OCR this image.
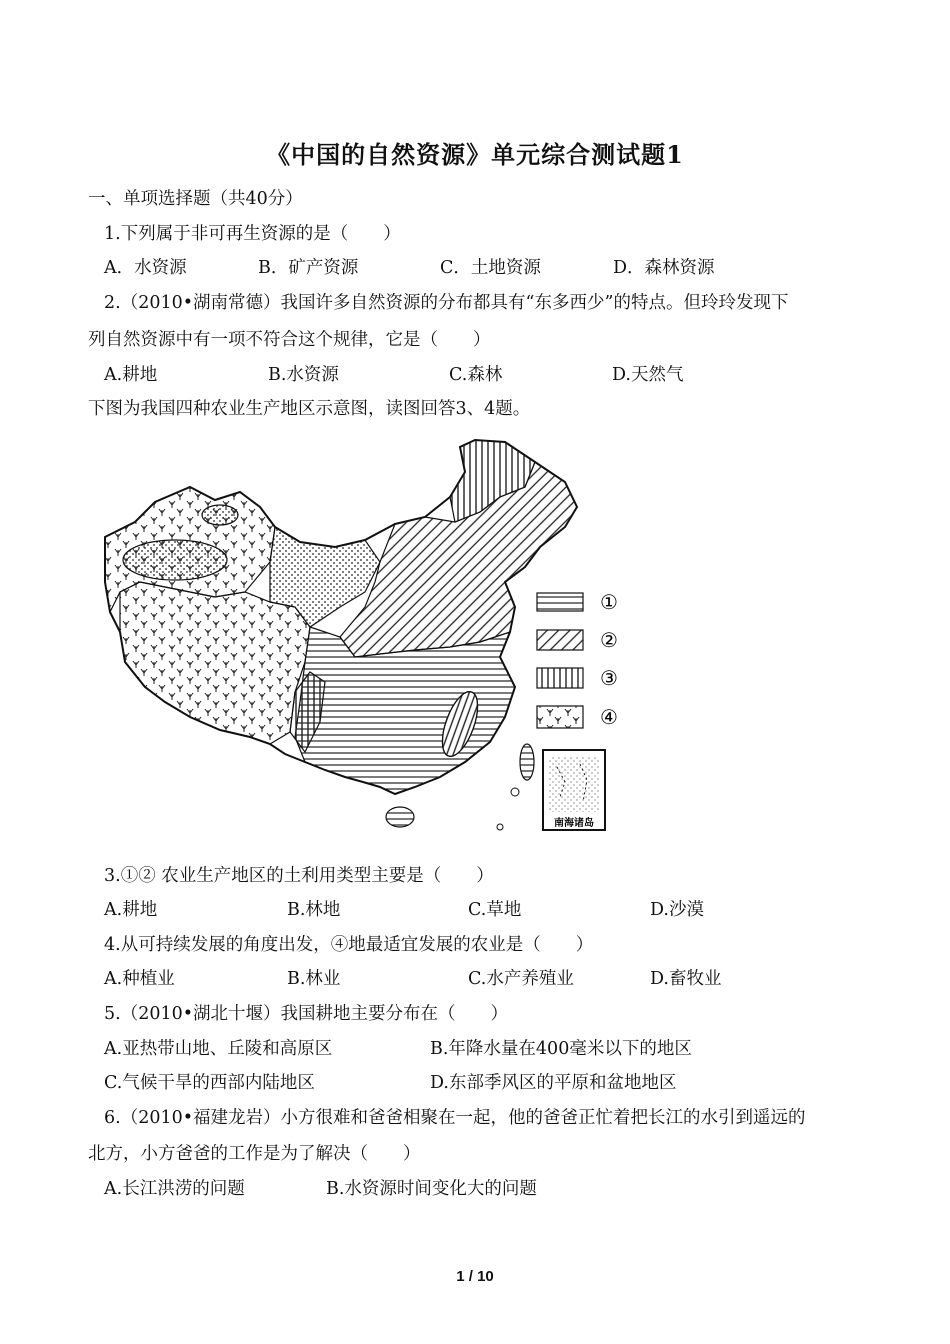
《中国的自然资源》单元综合测试题1
一、单项选择题（共40分）
1.下列属于非可再生资源的是（　　）
A．水资源	B．矿产资源	C．土地资源	D．森林资源
2.（2010•湖南常德）我国许多自然资源的分布都具有“东多西少”的特点。但玲玲发现下
列自然资源中有一项不符合这个规律，它是（　　）
A.耕地	B.水资源	C.森林	D.天然气
下图为我国四种农业生产地区示意图，读图回答3、4题。
①
②
③
④
南海诸岛
3.①② 农业生产地区的土利用类型主要是（　　）
A.耕地	B.林地	C.草地	D.沙漠
4.从可持续发展的角度出发，④地最适宜发展的农业是（　　）
A.种植业	B.林业	C.水产养殖业	D.畜牧业
5.（2010•湖北十堰）我国耕地主要分布在（　　）
A.亚热带山地、丘陵和高原区	B.年降水量在400毫米以下的地区
C.气候干旱的西部内陆地区	D.东部季风区的平原和盆地地区
6.（2010•福建龙岩）小方很难和爸爸相聚在一起，他的爸爸正忙着把长江的水引到遥远的
北方，小方爸爸的工作是为了解决（　　）
A.长江洪涝的问题	B.水资源时间变化大的问题
1 / 10
